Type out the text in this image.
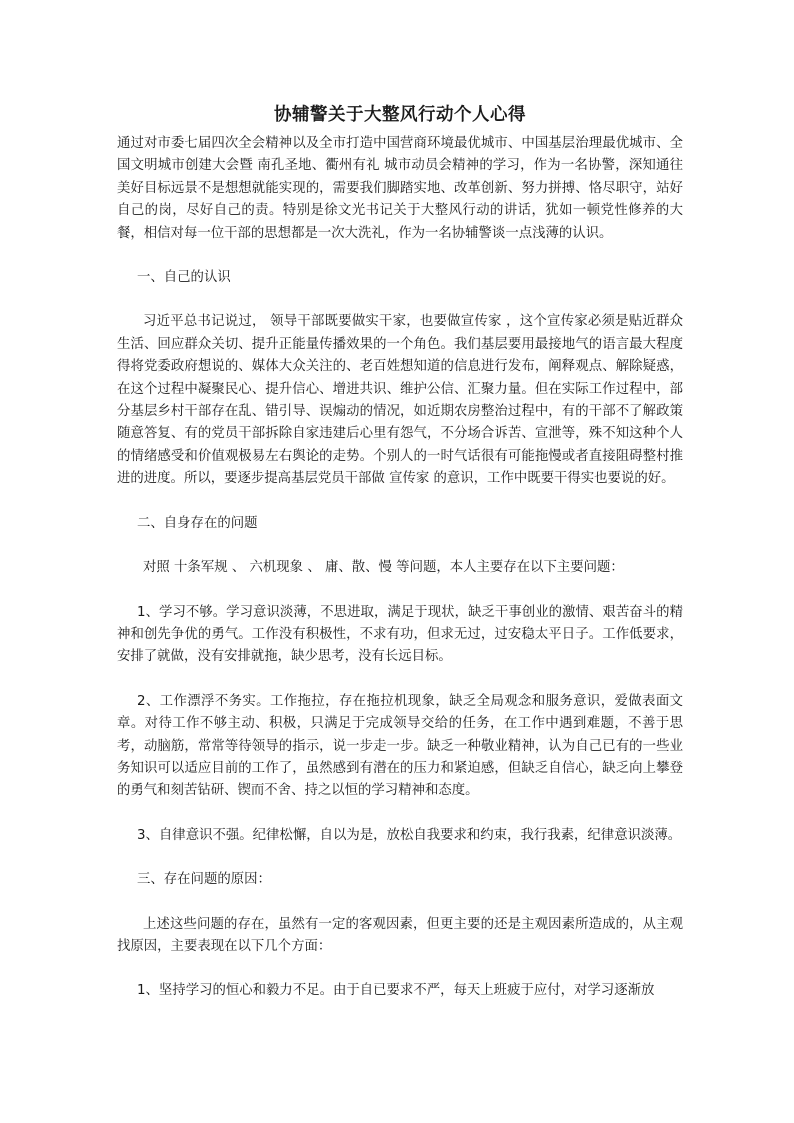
协辅警关于大整风行动个人心得

通过对市委七届四次全会精神以及全市打造中国营商环境最优城市、中国基层治理最优城市、全国文明城市创建大会暨 南孔圣地、衢州有礼 城市动员会精神的学习，作为一名协警，深知通往美好目标远景不是想想就能实现的，需要我们脚踏实地、改革创新、努力拼搏、恪尽职守，站好自己的岗，尽好自己的责。特别是徐文光书记关于大整风行动的讲话，犹如一顿党性修养的大餐，相信对每一位干部的思想都是一次大洗礼，作为一名协辅警谈一点浅薄的认识。

一、自己的认识

习近平总书记说过， 领导干部既要做实干家，也要做宣传家 ，这个宣传家必须是贴近群众生活、回应群众关切、提升正能量传播效果的一个角色。我们基层要用最接地气的语言最大程度得将党委政府想说的、媒体大众关注的、老百姓想知道的信息进行发布，阐释观点、解除疑惑，在这个过程中凝聚民心、提升信心、增进共识、维护公信、汇聚力量。但在实际工作过程中，部分基层乡村干部存在乱、错引导、误煽动的情况，如近期农房整治过程中，有的干部不了解政策随意答复、有的党员干部拆除自家违建后心里有怨气，不分场合诉苦、宣泄等，殊不知这种个人的情绪感受和价值观极易左右舆论的走势。个别人的一时气话很有可能拖慢或者直接阻碍整村推进的进度。所以，要逐步提高基层党员干部做 宣传家 的意识，工作中既要干得实也要说的好。

二、自身存在的问题

对照 十条军规 、 六机现象 、 庸、散、慢 等问题，本人主要存在以下主要问题：

1、学习不够。学习意识淡薄，不思进取，满足于现状，缺乏干事创业的激情、艰苦奋斗的精神和创先争优的勇气。工作没有积极性，不求有功，但求无过，过安稳太平日子。工作低要求，安排了就做，没有安排就拖，缺少思考，没有长远目标。

2、工作漂浮不务实。工作拖拉，存在拖拉机现象，缺乏全局观念和服务意识，爱做表面文章。对待工作不够主动、积极，只满足于完成领导交给的任务，在工作中遇到难题，不善于思考，动脑筋，常常等待领导的指示，说一步走一步。缺乏一种敬业精神，认为自己已有的一些业务知识可以适应目前的工作了，虽然感到有潜在的压力和紧迫感，但缺乏自信心，缺乏向上攀登的勇气和刻苦钻研、锲而不舍、持之以恒的学习精神和态度。

3、自律意识不强。纪律松懈，自以为是，放松自我要求和约束，我行我素，纪律意识淡薄。

三、存在问题的原因：

上述这些问题的存在，虽然有一定的客观因素，但更主要的还是主观因素所造成的，从主观找原因，主要表现在以下几个方面：

1、坚持学习的恒心和毅力不足。由于自已要求不严，每天上班疲于应付，对学习逐渐放
